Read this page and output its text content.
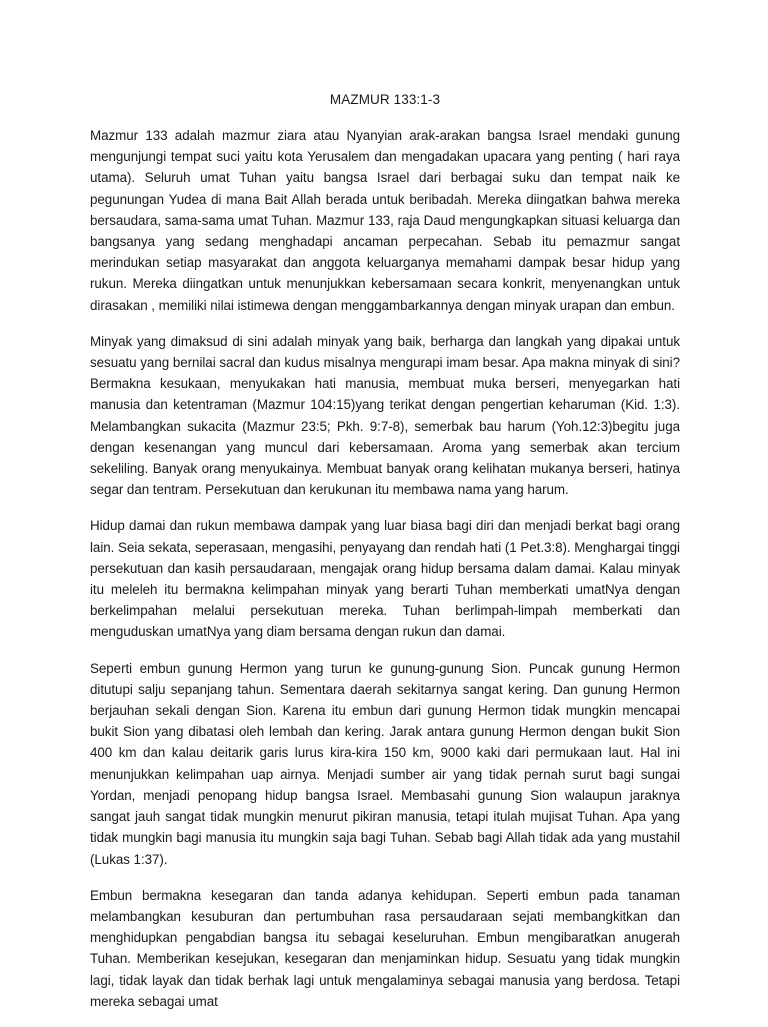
MAZMUR 133:1-3

Mazmur 133 adalah mazmur ziara atau Nyanyian arak-arakan bangsa Israel mendaki gunung mengunjungi tempat suci yaitu kota Yerusalem dan mengadakan upacara yang penting ( hari raya utama). Seluruh umat Tuhan yaitu bangsa Israel dari berbagai suku dan tempat naik ke pegunungan Yudea di mana Bait Allah berada untuk beribadah. Mereka diingatkan bahwa mereka bersaudara, sama-sama umat Tuhan. Mazmur 133, raja Daud mengungkapkan situasi keluarga dan bangsanya yang sedang menghadapi ancaman perpecahan. Sebab itu pemazmur sangat merindukan setiap masyarakat dan anggota keluarganya memahami dampak besar hidup yang rukun. Mereka diingatkan untuk menunjukkan kebersamaan secara konkrit, menyenangkan untuk dirasakan , memiliki nilai istimewa dengan menggambarkannya dengan minyak urapan dan embun.

Minyak yang dimaksud di sini adalah minyak yang baik, berharga dan langkah yang dipakai untuk sesuatu yang bernilai sacral dan kudus misalnya mengurapi imam besar. Apa makna minyak di sini? Bermakna kesukaan, menyukakan hati manusia, membuat muka berseri, menyegarkan hati manusia dan ketentraman (Mazmur 104:15)yang terikat dengan pengertian keharuman (Kid. 1:3). Melambangkan sukacita (Mazmur 23:5; Pkh. 9:7-8), semerbak bau harum (Yoh.12:3)begitu juga dengan kesenangan yang muncul dari kebersamaan. Aroma yang semerbak akan tercium sekeliling. Banyak orang menyukainya. Membuat banyak orang kelihatan mukanya berseri, hatinya segar dan tentram. Persekutuan dan kerukunan itu membawa nama yang harum.

Hidup damai dan rukun membawa dampak yang luar biasa bagi diri dan menjadi berkat bagi orang lain. Seia sekata, seperasaan, mengasihi, penyayang dan rendah hati (1 Pet.3:8). Menghargai tinggi persekutuan dan kasih persaudaraan, mengajak orang hidup bersama dalam damai. Kalau minyak itu meleleh itu bermakna kelimpahan minyak yang berarti Tuhan memberkati umatNya dengan berkelimpahan melalui persekutuan mereka. Tuhan berlimpah-limpah memberkati dan menguduskan umatNya yang diam bersama dengan rukun dan damai.

Seperti embun gunung Hermon yang turun ke gunung-gunung Sion. Puncak gunung Hermon ditutupi salju sepanjang tahun. Sementara daerah sekitarnya sangat kering. Dan gunung Hermon berjauhan sekali dengan Sion. Karena itu embun dari gunung Hermon tidak mungkin mencapai bukit Sion yang dibatasi oleh lembah dan kering. Jarak antara gunung Hermon dengan bukit Sion 400 km dan kalau deitarik garis lurus kira-kira 150 km, 9000 kaki dari permukaan laut. Hal ini menunjukkan kelimpahan uap airnya. Menjadi sumber air yang tidak pernah surut bagi sungai Yordan, menjadi penopang hidup bangsa Israel. Membasahi gunung Sion walaupun jaraknya sangat jauh sangat tidak mungkin menurut pikiran manusia, tetapi itulah mujisat Tuhan. Apa yang tidak mungkin bagi manusia itu mungkin saja bagi Tuhan. Sebab bagi Allah tidak ada yang mustahil (Lukas 1:37).

Embun bermakna kesegaran dan tanda adanya kehidupan. Seperti embun pada tanaman melambangkan kesuburan dan pertumbuhan rasa persaudaraan sejati membangkitkan dan menghidupkan pengabdian bangsa itu sebagai keseluruhan. Embun mengibaratkan anugerah Tuhan. Memberikan kesejukan, kesegaran dan menjaminkan hidup. Sesuatu yang tidak mungkin lagi, tidak layak dan tidak berhak lagi untuk mengalaminya sebagai manusia yang berdosa. Tetapi mereka sebagai umat
